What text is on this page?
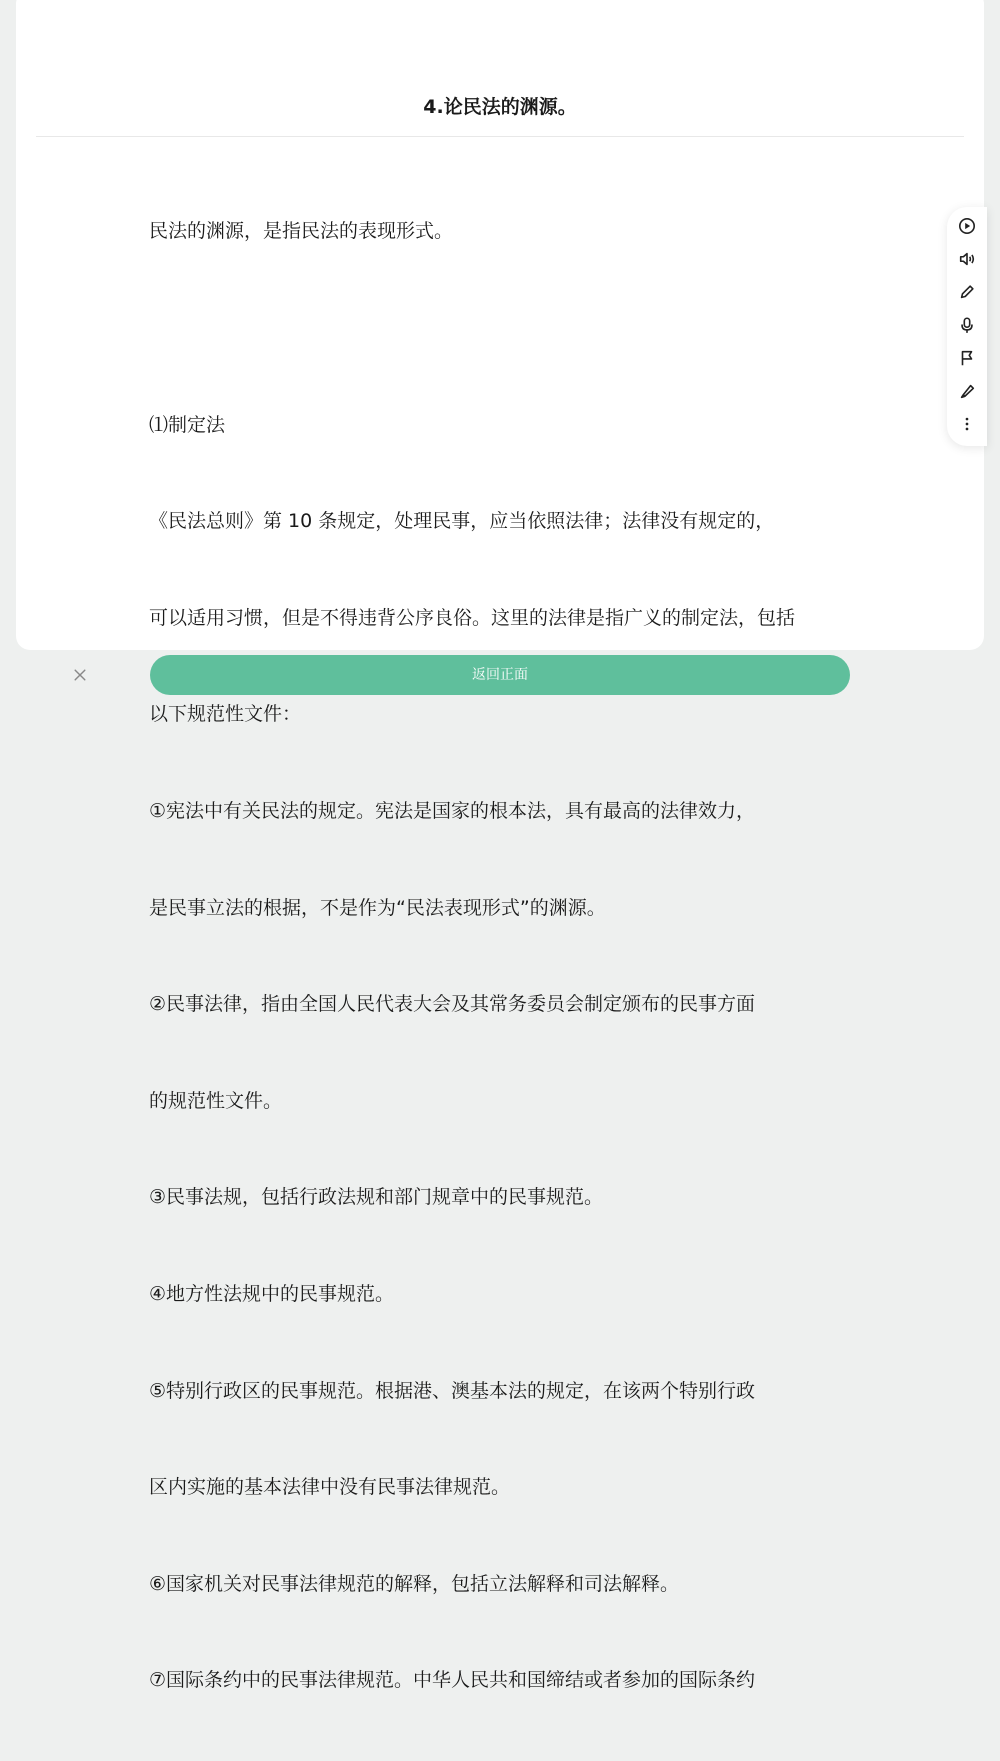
4.论民法的渊源。

民法的渊源，是指民法的表现形式。

⑴制定法

《民法总则》第 10 条规定，处理民事，应当依照法律；法律没有规定的，

可以适用习惯，但是不得违背公序良俗。这里的法律是指广义的制定法，包括

以下规范性文件：

①宪法中有关民法的规定。宪法是国家的根本法，具有最高的法律效力，

是民事立法的根据，不是作为“民法表现形式”的渊源。

②民事法律，指由全国人民代表大会及其常务委员会制定颁布的民事方面

的规范性文件。

③民事法规，包括行政法规和部门规章中的民事规范。

④地方性法规中的民事规范。

⑤特别行政区的民事规范。根据港、澳基本法的规定，在该两个特别行政

区内实施的基本法律中没有民事法律规范。

⑥国家机关对民事法律规范的解释，包括立法解释和司法解释。

⑦国际条约中的民事法律规范。中华人民共和国缔结或者参加的国际条约

返回正面
